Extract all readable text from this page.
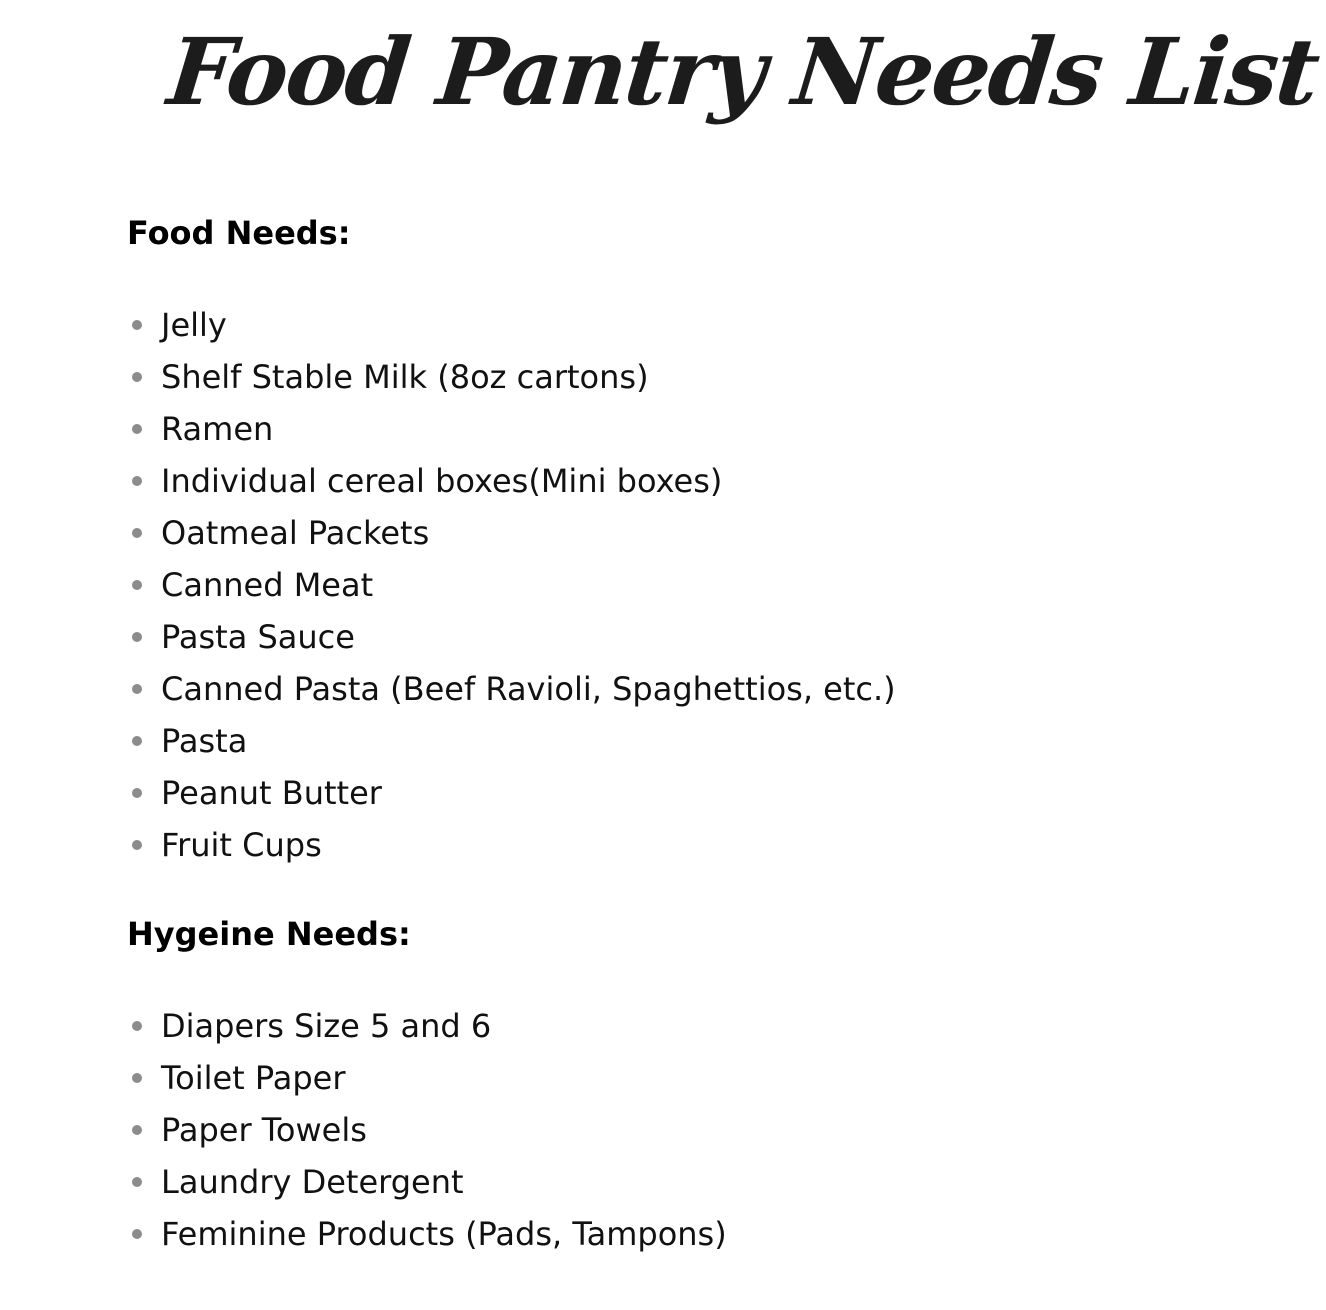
Food Pantry Needs List
Food Needs:
Jelly
Shelf Stable Milk (8oz cartons)
Ramen
Individual cereal boxes(Mini boxes)
Oatmeal Packets
Canned Meat
Pasta Sauce
Canned Pasta (Beef Ravioli, Spaghettios, etc.)
Pasta
Peanut Butter
Fruit Cups
Hygeine Needs:
Diapers Size 5 and 6
Toilet Paper
Paper Towels
Laundry Detergent
Feminine Products (Pads, Tampons)
